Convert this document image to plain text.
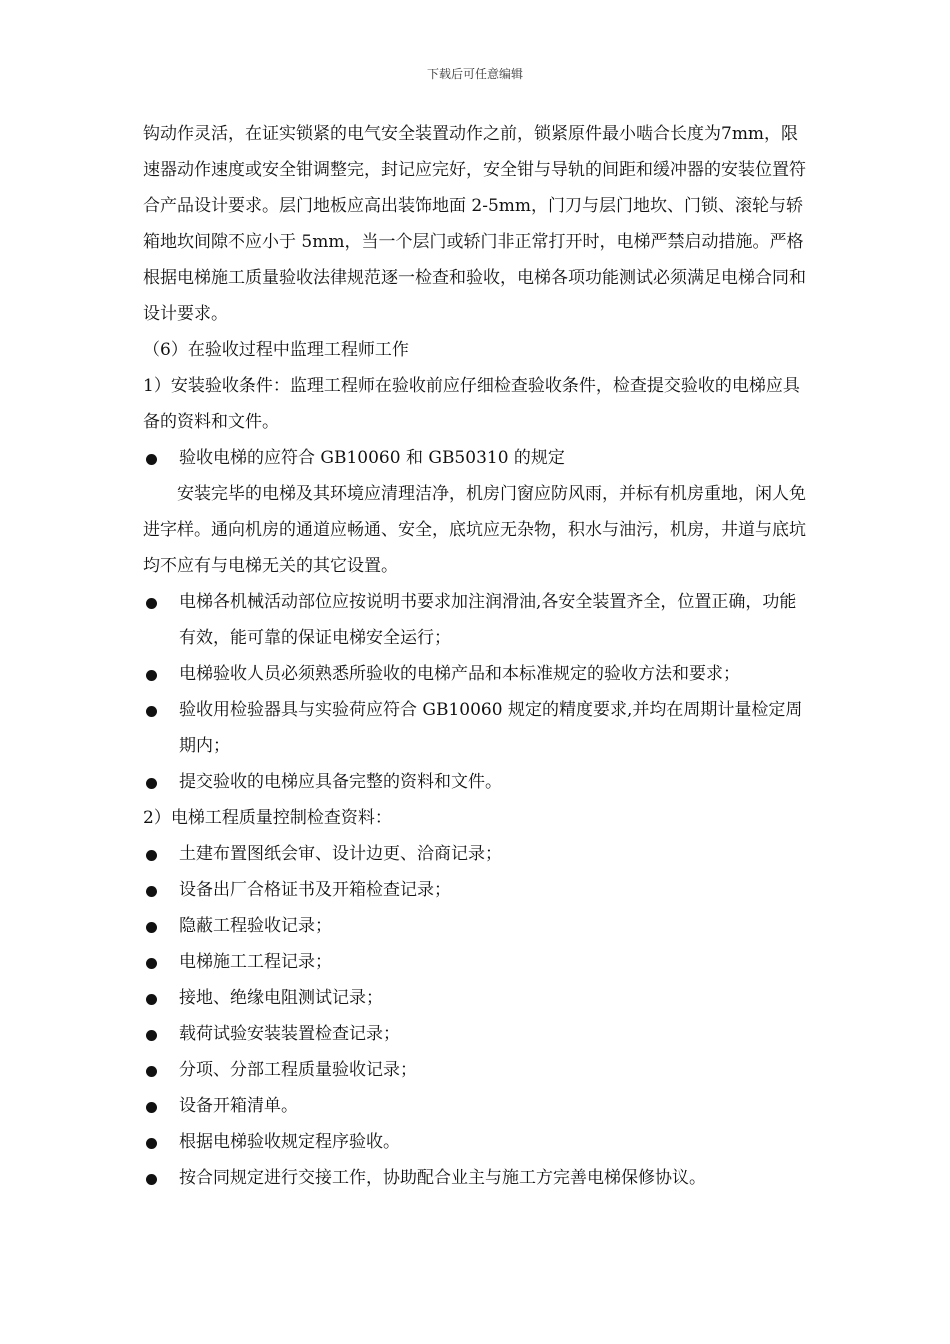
下载后可任意编辑

钩动作灵活，在证实锁紧的电气安全装置动作之前，锁紧原件最小啮合长度为7mm，限速器动作速度或安全钳调整完，封记应完好，安全钳与导轨的间距和缓冲器的安装位置符合产品设计要求。层门地板应高出装饰地面 2-5mm，门刀与层门地坎、门锁、滚轮与轿箱地坎间隙不应小于 5mm，当一个层门或轿门非正常打开时，电梯严禁启动措施。严格根据电梯施工质量验收法律规范逐一检查和验收，电梯各项功能测试必须满足电梯合同和设计要求。

（6）在验收过程中监理工程师工作

1）安装验收条件：监理工程师在验收前应仔细检查验收条件，检查提交验收的电梯应具备的资料和文件。

验收电梯的应符合 GB10060 和 GB50310 的规定

安装完毕的电梯及其环境应清理洁净，机房门窗应防风雨，并标有机房重地，闲人免进字样。通向机房的通道应畅通、安全，底坑应无杂物，积水与油污，机房，井道与底坑均不应有与电梯无关的其它设置。

电梯各机械活动部位应按说明书要求加注润滑油,各安全装置齐全，位置正确，功能有效，能可靠的保证电梯安全运行；

电梯验收人员必须熟悉所验收的电梯产品和本标准规定的验收方法和要求；

验收用检验器具与实验荷应符合 GB10060 规定的精度要求,并均在周期计量检定周期内；

提交验收的电梯应具备完整的资料和文件。

2）电梯工程质量控制检查资料：

土建布置图纸会审、设计边更、洽商记录；

设备出厂合格证书及开箱检查记录；

隐蔽工程验收记录；

电梯施工工程记录；

接地、绝缘电阻测试记录；

载荷试验安装装置检查记录；

分项、分部工程质量验收记录；

设备开箱清单。

根据电梯验收规定程序验收。

按合同规定进行交接工作，协助配合业主与施工方完善电梯保修协议。
